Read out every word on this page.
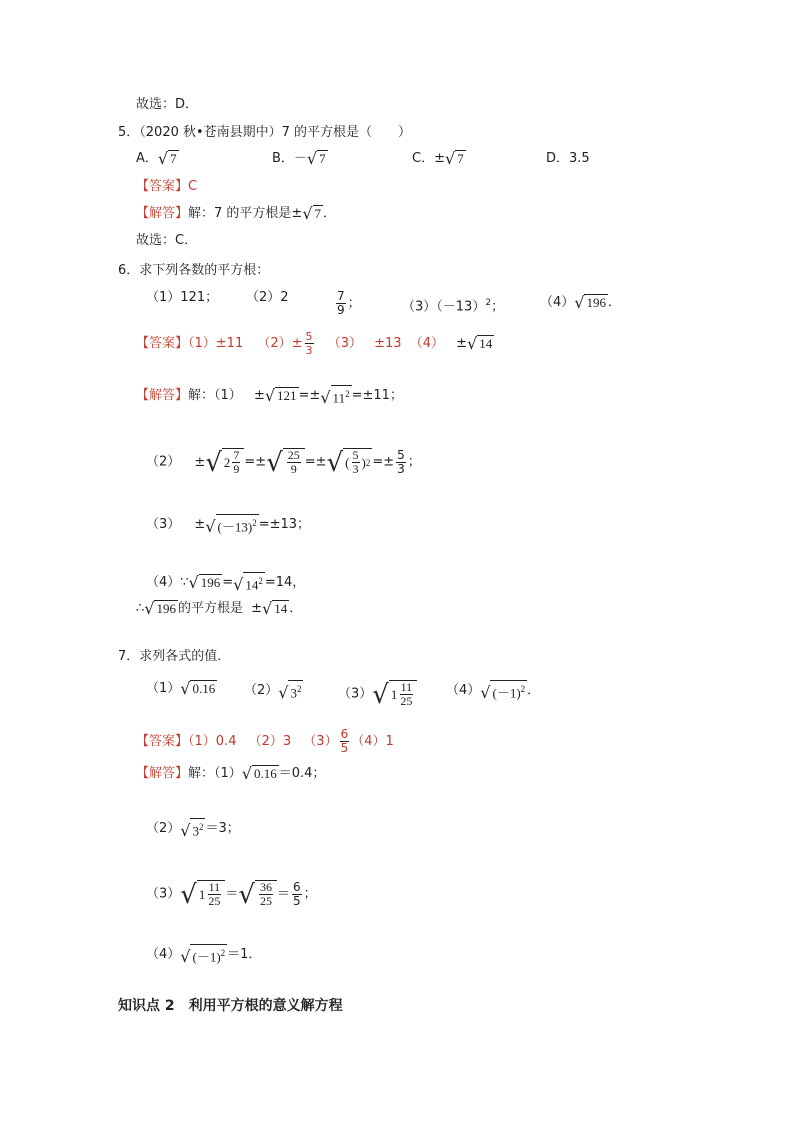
故选：D．
5．（2020 秋•苍南县期中）7 的平方根是（　　）
A． √ 7	B．－ √ 7	C．± √ 7	D．3.5
【答案】C
【解答】解：7 的平方根是± √ 7 ．
故选：C．
6．求下列各数的平方根：
（1）121； （2）2	$\frac{7}{9}$ ；	$(3)(-13)^2$；	（4） √ 196 ．
【答案】（1）±11 $(2)\pm \frac{5}{3} (3) \pm 13$ （4） ± √ 14
【解答】解：（1） ± √ 121 =± √ $11^2 =\pm 11$；
（2） ± √ $2 \frac{7}{9}$ =± √ $\frac{25}{9}$ =± √ ( $\frac{5}{3}$ ) $2 =\pm \frac{5}{3}$ ；
（3） ± √ $(-13)^2 =\pm 13$；
（4）∵ √ 196 = √ $14^2 =14$，
∴ √ 196 的平方根是 ± √ 14 ．
7．求列各式的值．
（1） √ 0.16 （2） √ $3^2$	（3） √ $1 \frac{11}{25}$	（4） √ $(-1)^2$ ．
【答案】（1）0.4 （2）3 $(3) \frac{6}{5} (4)1$
【解答】解：（1） √ 0.16 ＝0.4；
（2） √ $3^2 =3$；
（3） √ $1 \frac{11}{25}$ ＝ √ $\frac{36}{25} = \frac{6}{5}$ ；
（4） √ $(-1)^2 =1$．
知识点 2　利用平方根的意义解方程
